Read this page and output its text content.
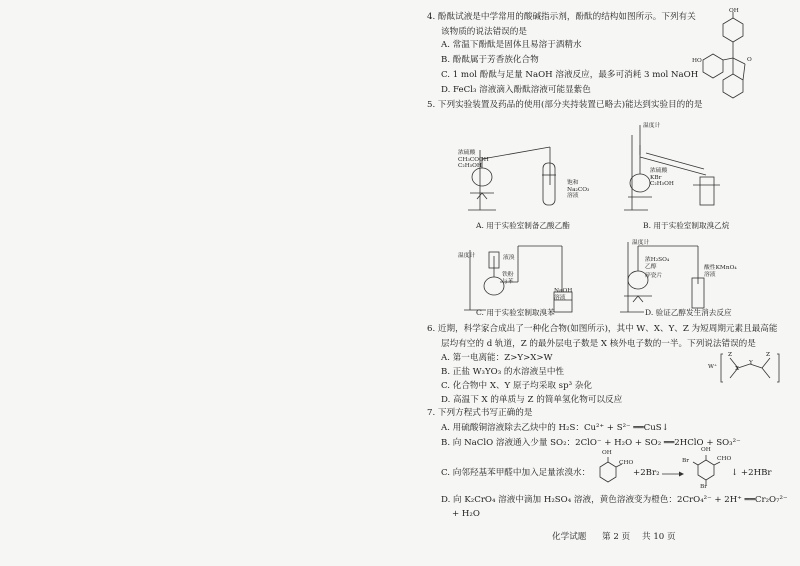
4. 酚酞试液是中学常用的酸碱指示剂，酚酞的结构如图所示。下列有关
该物质的说法错误的是
A. 常温下酚酞是固体且易溶于酒精水
B. 酚酞属于芳香族化合物
C. 1 mol 酚酞与足量 NaOH 溶液反应，最多可消耗 3 mol NaOH
D. FeCl₃ 溶液滴入酚酞溶液可能显紫色
OH
HO	O
5. 下列实验装置及药品的使用(部分夹持装置已略去)能达到实验目的的是
浓硫酸
CH₃COOH
C₂H₅OH
饱和
Na₂CO₃
溶液
A. 用于实验室制备乙酸乙酯
温度计
浓硫酸
KBr
C₂H₅OH
B. 用于实验室制取溴乙烷
温度计	液溴
铁粉
与苯
NaOH
溶液
C. 用于实验室制取溴苯
温度计
浓H₂SO₄
乙醇
碎瓷片
酸性KMnO₄
溶液
D. 验证乙醇发生消去反应
6. 近期，科学家合成出了一种化合物(如图所示)，其中 W、X、Y、Z 为短周期元素且最高能
层均有空的 d 轨道，Z 的最外层电子数是 X 核外电子数的一半。下列说法错误的是
A. 第一电离能：Z>Y>X>W
B. 正盐 W₃YO₃ 的水溶液呈中性
C. 化合物中 X、Y 原子均采取 sp³ 杂化
D. 高温下 X 的单质与 Z 的简单氢化物可以反应
W⁺
Z
X
Y
Z
7. 下列方程式书写正确的是
A. 用硫酸铜溶液除去乙炔中的 H₂S：Cu²⁺ + S²⁻ ══CuS↓
B. 向 NaClO 溶液通入少量 SO₂：2ClO⁻ + H₂O + SO₂ ══2HClO + SO₃²⁻
C. 向邻羟基苯甲醛中加入足量浓溴水：
OH
CHO
+2Br₂
OH
CHO
Br
Br
↓ +2HBr
D. 向 K₂CrO₄ 溶液中滴加 H₂SO₄ 溶液，黄色溶液变为橙色：2CrO₄²⁻ + 2H⁺ ══Cr₂O₇²⁻
+ H₂O
化学试题 第 2 页 共 10 页
